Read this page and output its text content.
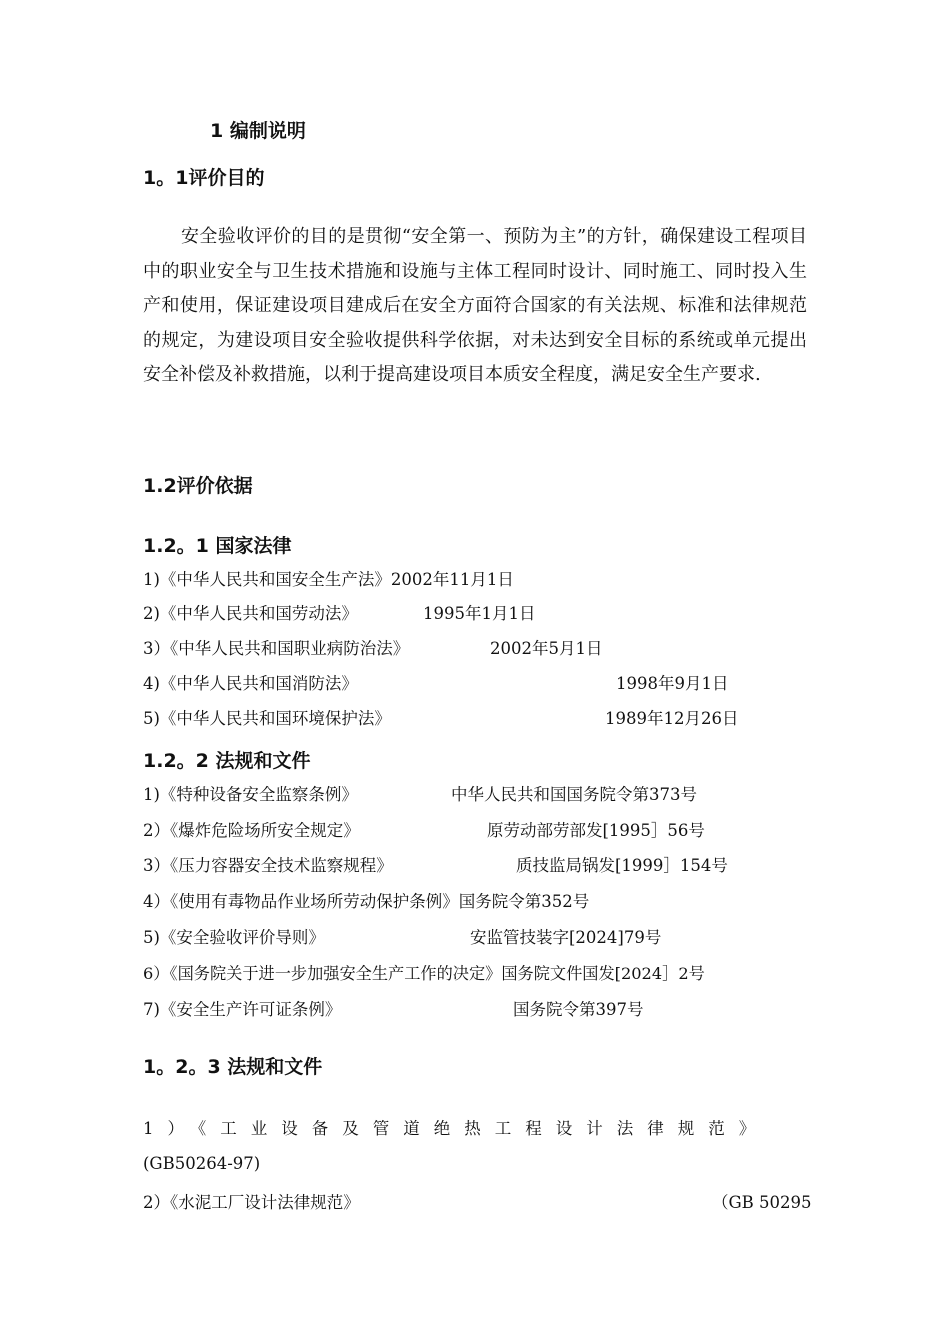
1 编制说明
1。1评价目的

安全验收评价的目的是贯彻“安全第一、预防为主”的方针，确保建设工程项目中的职业安全与卫生技术措施和设施与主体工程同时设计、同时施工、同时投入生产和使用，保证建设项目建成后在安全方面符合国家的有关法规、标准和法律规范的规定，为建设项目安全验收提供科学依据，对未达到安全目标的系统或单元提出安全补偿及补救措施，以利于提高建设项目本质安全程度，满足安全生产要求.

1.2评价依据
1.2。1 国家法律
1)《中华人民共和国安全生产法》2002年11月1日
2)《中华人民共和国劳动法》	1995年1月1日
3）《中华人民共和国职业病防治法》	2002年5月1日
4)《中华人民共和国消防法》	1998年9月1日
5)《中华人民共和国环境保护法》	1989年12月26日
1.2。2 法规和文件
1)《特种设备安全监察条例》	中华人民共和国国务院令第373号
2）《爆炸危险场所安全规定》	原劳动部劳部发[1995］56号
3）《压力容器安全技术监察规程》	质技监局锅发[1999］154号
4）《使用有毒物品作业场所劳动保护条例》国务院令第352号
5)《安全验收评价导则》	安监管技装字[2024]79号
6）《国务院关于进一步加强安全生产工作的决定》国务院文件国发[2024］2号
7)《安全生产许可证条例》	国务院令第397号
1。2。3 法规和文件
1）《工业设备及管道绝热工程设计法律规范》
(GB50264-97)
2）《水泥工厂设计法律规范》	（GB 50295
